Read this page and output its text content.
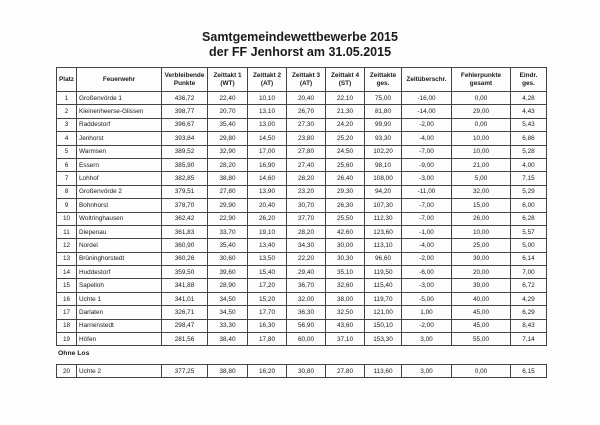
Samtgemeindewettbewerbe 2015
der FF Jenhorst am 31.05.2015
Platz	Feuerwehr	Verbleibende Punkte	Zeittakt 1 (WT)	Zeittakt 2 (AT)	Zeittakt 3 (AT)	Zeittakt 4 (ST)	Zeittakte ges.	Zeitüberschr.	Fehlerpunkte gesamt	Eindr. ges.
1	Großenvörde 1	436,72	22,40	10,10	20,40	22,10	75,00	-16,00	0,00	4,28
2	Kleinenheerse-Glissen	398,77	20,70	13,10	26,70	21,30	81,80	-14,00	29,00	4,43
3	Raddestorf	396,67	35,40	13,00	27,30	24,20	99,90	-2,00	0,00	5,43
4	Jenhorst	393,84	29,80	14,50	23,80	25,20	93,30	-4,00	10,00	6,86
5	Warmsen	389,52	32,90	17,00	27,80	24,50	102,20	-7,00	10,00	5,28
6	Essern	385,90	28,20	16,90	27,40	25,60	98,10	-9,00	21,00	4,00
7	Lohhof	382,85	38,80	14,60	28,20	26,40	108,00	-3,00	5,00	7,15
8	Großenvörde 2	379,51	27,80	13,90	23,20	29,30	94,20	-11,00	32,00	5,29
9	Bohnhorst	378,70	29,90	20,40	30,70	26,30	107,30	-7,00	15,00	6,00
10	Woltringhausen	362,42	22,90	26,20	37,70	25,50	112,30	-7,00	26,00	6,28
11	Diepenau	361,83	33,70	19,10	28,20	42,60	123,60	-1,00	10,00	5,57
12	Nordel	360,90	35,40	13,40	34,30	30,00	113,10	-4,00	25,00	5,00
13	Brüninghorstedt	360,26	30,60	13,50	22,20	30,30	96,60	-2,00	39,00	6,14
14	Huddestorf	359,50	39,60	15,40	29,40	35,10	119,50	-6,00	20,00	7,00
15	Sapelloh	341,88	28,90	17,20	36,70	32,60	115,40	-3,00	39,00	6,72
16	Uchte 1	341,01	34,50	15,20	32,00	38,00	119,70	-5,00	40,00	4,29
17	Darlaten	326,71	34,50	17,70	36,30	32,50	121,00	1,00	45,00	6,29
18	Harrienstedt	298,47	33,30	16,30	56,90	43,60	150,10	-2,00	45,00	8,43
19	Höfen	281,56	38,40	17,80	60,00	37,10	153,30	3,00	55,00	7,14
Ohne Los
20	Uchte 2	377,25	38,80	16,20	30,80	27,80	113,60	3,00	0,00	6,15
